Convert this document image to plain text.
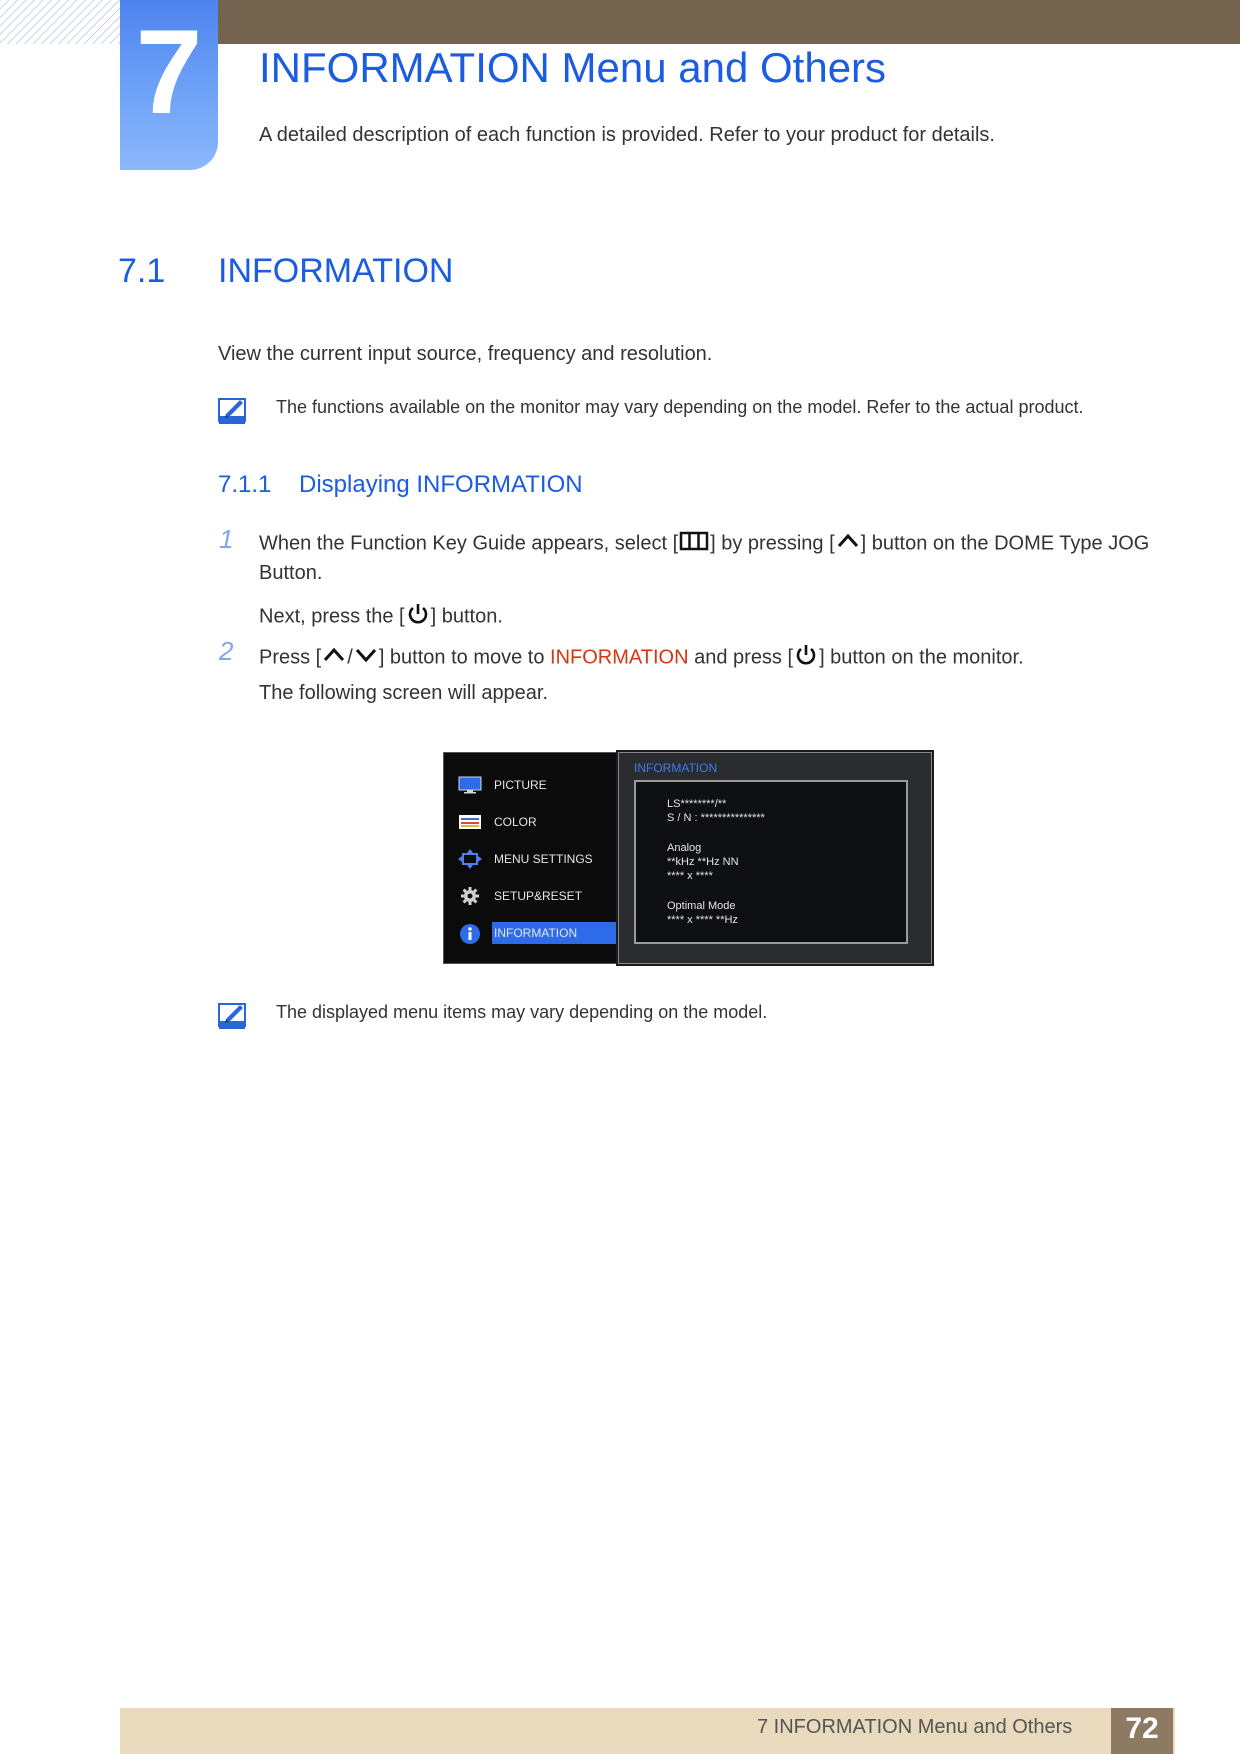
7	INFORMATION Menu and Others
A detailed description of each function is provided. Refer to your product for details.
7.1 INFORMATION
View the current input source, frequency and resolution.
The functions available on the monitor may vary depending on the model. Refer to the actual product.
7.1.1 Displaying INFORMATION
1 When the Function Key Guide appears, select [ ] by pressing [ ] button on the DOME Type JOG
Button.
Next, press the [ ] button.
2 Press [ / ] button to move to INFORMATION and press [ ] button on the monitor.
The following screen will appear.
PICTURE
COLOR
MENU SETTINGS
SETUP&RESET
INFORMATION
INFORMATION
LS********/**
S / N : ***************
Analog
**kHz **Hz NN
**** x ****
Optimal Mode
**** x **** **Hz
The displayed menu items may vary depending on the model.
7 INFORMATION Menu and Others	72
